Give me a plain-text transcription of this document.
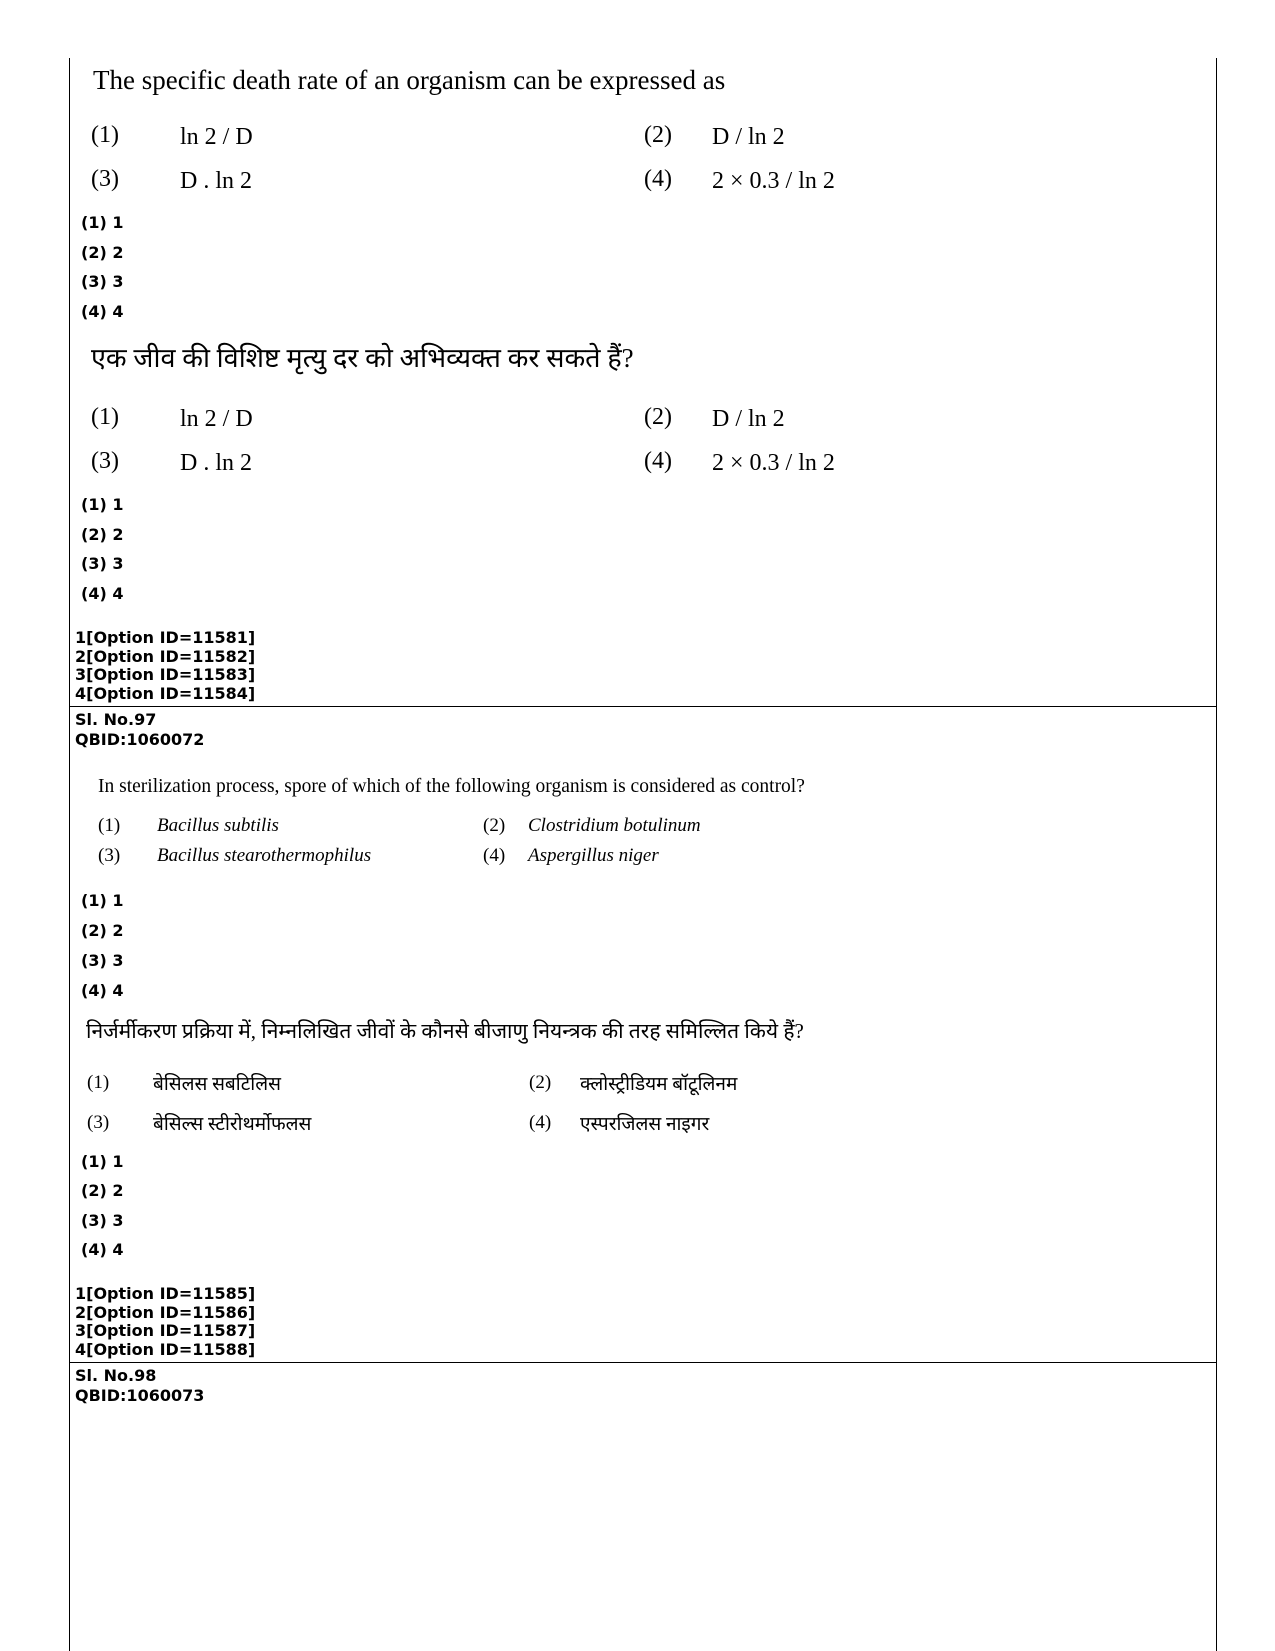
The specific death rate of an organism can be expressed as
(1)	ln 2 / D	(2) D / ln 2
(3)	D . ln 2	(4) 2 × 0.3 / ln 2
(1) 1
(2) 2
(3) 3
(4) 4
एक जीव की विशिष्ट मृत्यु दर को अभिव्यक्त कर सकते हैं?
(1)	ln 2 / D	(2) D / ln 2
(3)	D . ln 2	(4) 2 × 0.3 / ln 2
(1) 1
(2) 2
(3) 3
(4) 4
1[Option ID=11581]
2[Option ID=11582]
3[Option ID=11583]
4[Option ID=11584]
Sl. No.97
QBID:1060072
In sterilization process, spore of which of the following organism is considered as control?
(1) Bacillus subtilis	(2) Clostridium botulinum
(3) Bacillus stearothermophilus	(4) Aspergillus niger
(1) 1
(2) 2
(3) 3
(4) 4
निर्जर्मीकरण प्रक्रिया में, निम्नलिखित जीवों के कौनसे बीजाणु नियन्त्रक की तरह समिल्लित किये हैं?
(1) बेसिलस सबटिलिस	(2) क्लोस्ट्रीडियम बॉटूलिनम
(3) बेसिल्स स्टीरोथर्मोफलस	(4) एस्परजिलस नाइगर
(1) 1
(2) 2
(3) 3
(4) 4
1[Option ID=11585]
2[Option ID=11586]
3[Option ID=11587]
4[Option ID=11588]
Sl. No.98
QBID:1060073
